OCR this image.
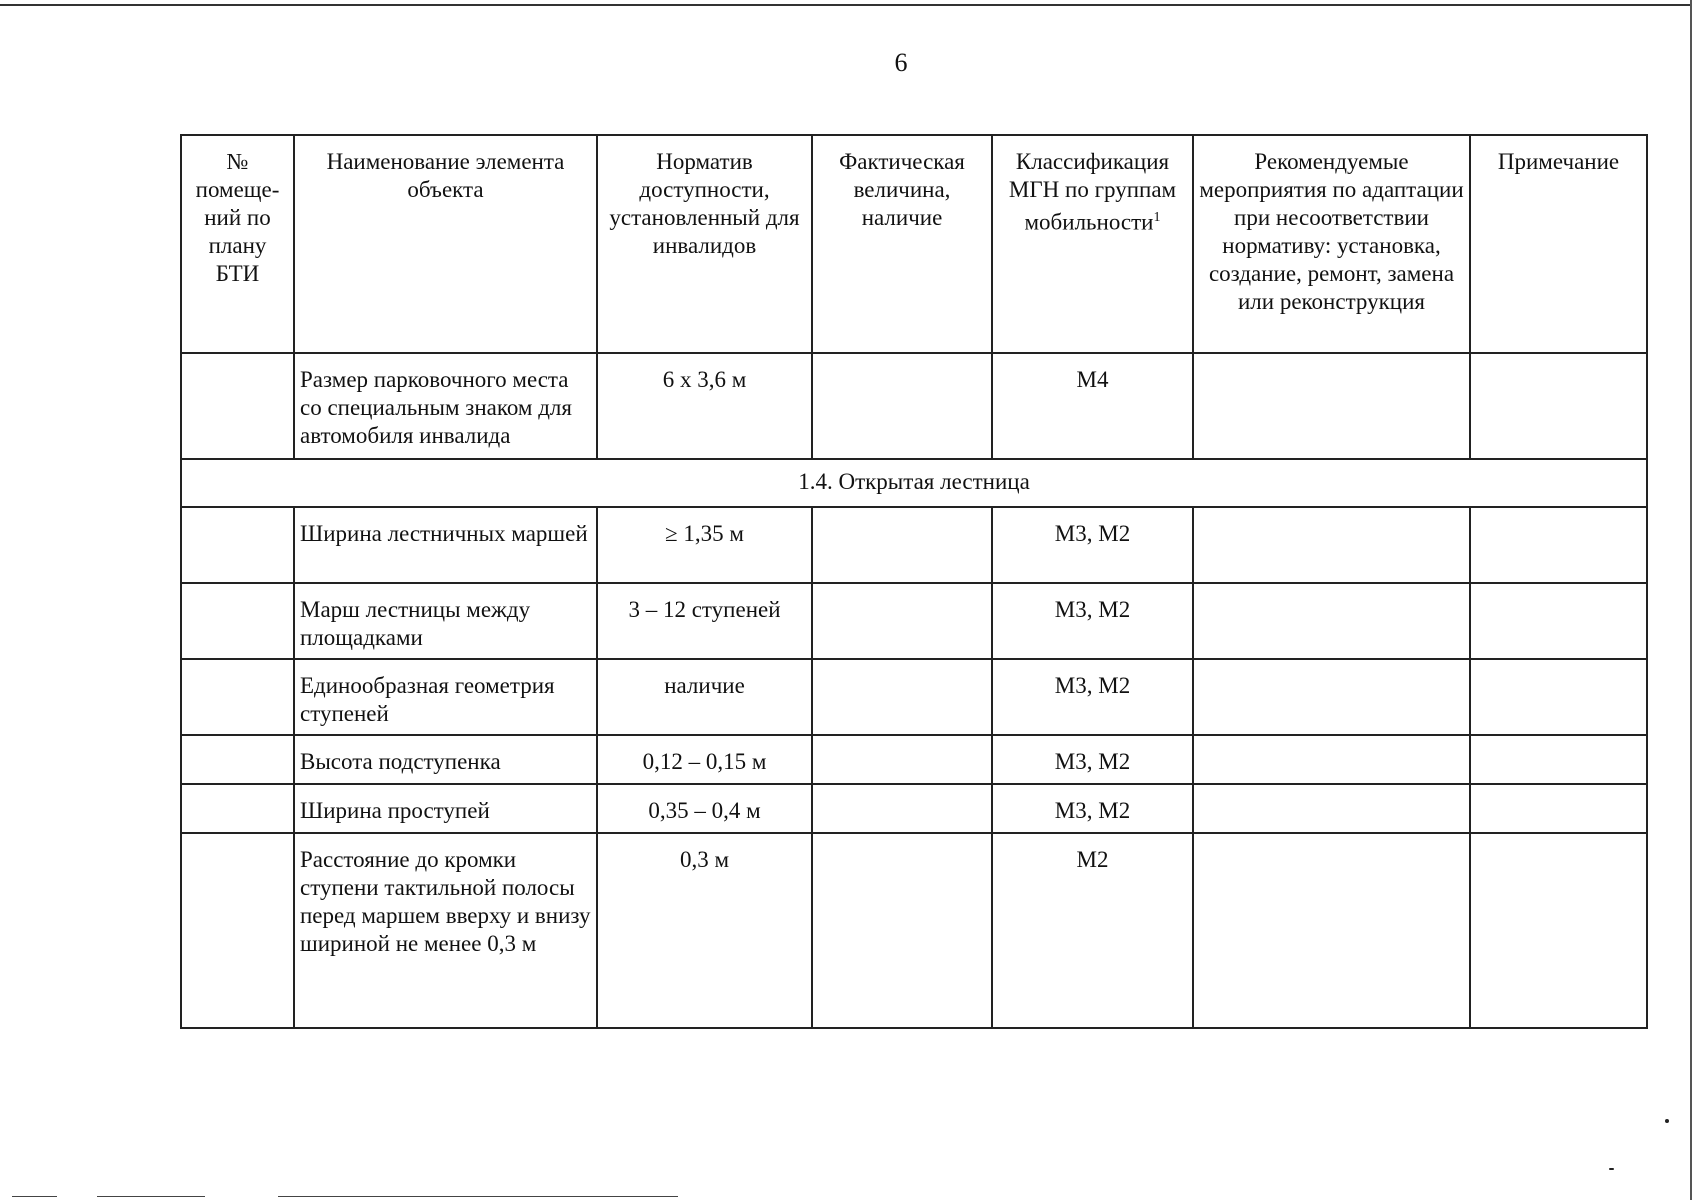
6
№ помеще-ний по плану БТИ	Наименование элемента объекта	Норматив доступности, установленный для инвалидов	Фактическая величина, наличие	Классификация МГН по группам мобильности$^1$	Рекомендуемые мероприятия по адаптации при несоответствии нормативу: установка, создание, ремонт, замена или реконструкция	Примечание
	Размер парковочного места со специальным знаком для автомобиля инвалида	6 х 3,6 м		М4		
1.4. Открытая лестница						
	Ширина лестничных маршей	≥ 1,35 м		М3, М2		
	Марш лестницы между площадками	3 – 12 ступеней		М3, М2		
	Единообразная геометрия ступеней	наличие		М3, М2		
	Высота подступенка	0,12 – 0,15 м		М3, М2		
	Ширина проступей	0,35 – 0,4 м		М3, М2		
	Расстояние до кромки ступени тактильной полосы перед маршем вверху и внизу шириной не менее 0,3 м	0,3 м		М2		
